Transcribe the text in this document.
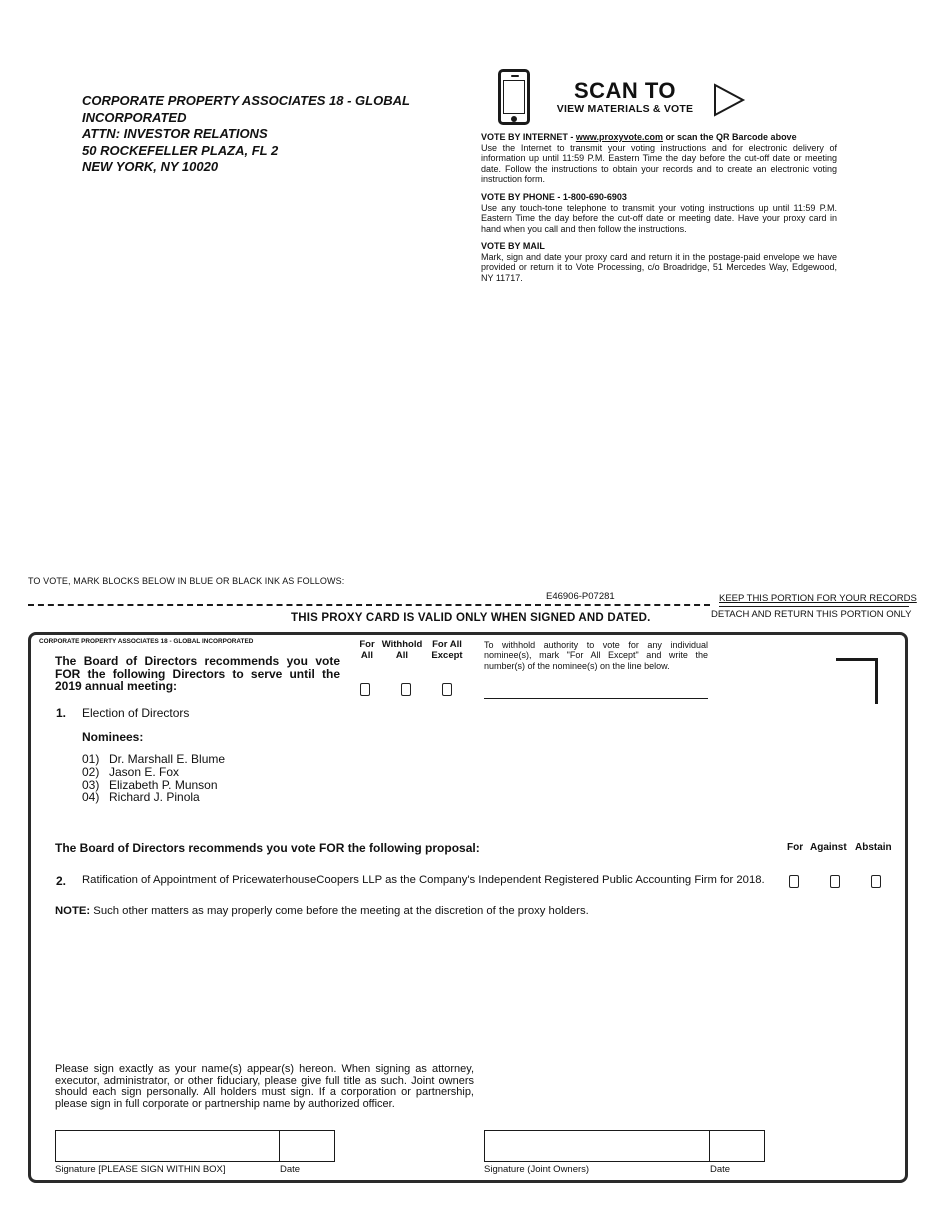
CORPORATE PROPERTY ASSOCIATES 18 - GLOBAL
INCORPORATED
ATTN: INVESTOR RELATIONS
50 ROCKEFELLER PLAZA, FL 2
NEW YORK, NY 10020
SCAN TO
VIEW MATERIALS & VOTE
VOTE BY INTERNET - www.proxyvote.com or scan the QR Barcode above
Use the Internet to transmit your voting instructions and for electronic delivery of information up until 11:59 P.M. Eastern Time the day before the cut-off date or meeting date. Follow the instructions to obtain your records and to create an electronic voting instruction form.
VOTE BY PHONE - 1-800-690-6903
Use any touch-tone telephone to transmit your voting instructions up until 11:59 P.M. Eastern Time the day before the cut-off date or meeting date. Have your proxy card in hand when you call and then follow the instructions.
VOTE BY MAIL
Mark, sign and date your proxy card and return it in the postage-paid envelope we have provided or return it to Vote Processing, c/o Broadridge, 51 Mercedes Way, Edgewood, NY 11717.
TO VOTE, MARK BLOCKS BELOW IN BLUE OR BLACK INK AS FOLLOWS:
E46906-P07281	KEEP THIS PORTION FOR YOUR RECORDS
THIS PROXY CARD IS VALID ONLY WHEN SIGNED AND DATED.	DETACH AND RETURN THIS PORTION ONLY
CORPORATE PROPERTY ASSOCIATES 18 - GLOBAL INCORPORATED
The Board of Directors recommends you vote FOR the following Directors to serve until the 2019 annual meeting:
For
All
Withhold
All
For All
Except
To withhold authority to vote for any individual nominee(s), mark "For All Except" and write the number(s) of the nominee(s) on the line below.
1. Election of Directors
Nominees:
01) Dr. Marshall E. Blume
02) Jason E. Fox
03) Elizabeth P. Munson
04) Richard J. Pinola
The Board of Directors recommends you vote FOR the following proposal:	For Against Abstain
2. Ratification of Appointment of PricewaterhouseCoopers LLP as the Company's Independent Registered Public Accounting Firm for 2018.
NOTE: Such other matters as may properly come before the meeting at the discretion of the proxy holders.
Please sign exactly as your name(s) appear(s) hereon. When signing as attorney, executor, administrator, or other fiduciary, please give full title as such. Joint owners should each sign personally. All holders must sign. If a corporation or partnership, please sign in full corporate or partnership name by authorized officer.
Signature [PLEASE SIGN WITHIN BOX]	Date	Signature (Joint Owners)	Date
